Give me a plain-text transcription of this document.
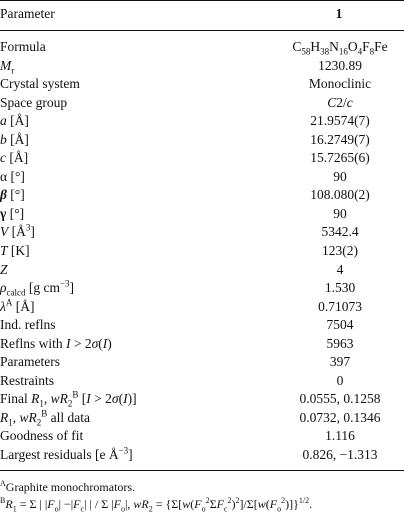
Parameter	1
Formula	$C_{58}H_{38}N_{16}O_4F_8Fe$
$M_r$	1230.89
Crystal system	Monoclinic
Space group	C2/c
a [Å]	21.9574(7)
b [Å]	16.2749(7)
c [Å]	15.7265(6)
α [°]	90
β [°]	108.080(2)
γ [°]	90
V $[Å^3]$	5342.4
T [K]	123(2)
Z	4
$\rho_{calcd}$ [g $cm^{-3}$]	1.530
$\lambda^A$ [Å]	0.71073
Ind. reflns	7504
Reflns with I > 2σ(I)	5963
Parameters	397
Restraints	0
Final $R_1$, $wR_2^B$ [I > 2σ(I)]	0.0555, 0.1258
$R_1$, $wR_2^B$ all data	0.0732, 0.1346
Goodness of fit	1.116
Largest residuals [e $Å^{-3}$]	0.826, −1.313
$^A$Graphite monochromators.
$^BR_1 = \Sigma$ | $|F_o| -|F_c|$ | / Σ $|F_o|$, $wR_2 = \{\Sigma[w(F_o^2\Sigma F_c^2)^2]/\Sigma[w(F_o^2)]\}^{1/2}$.
